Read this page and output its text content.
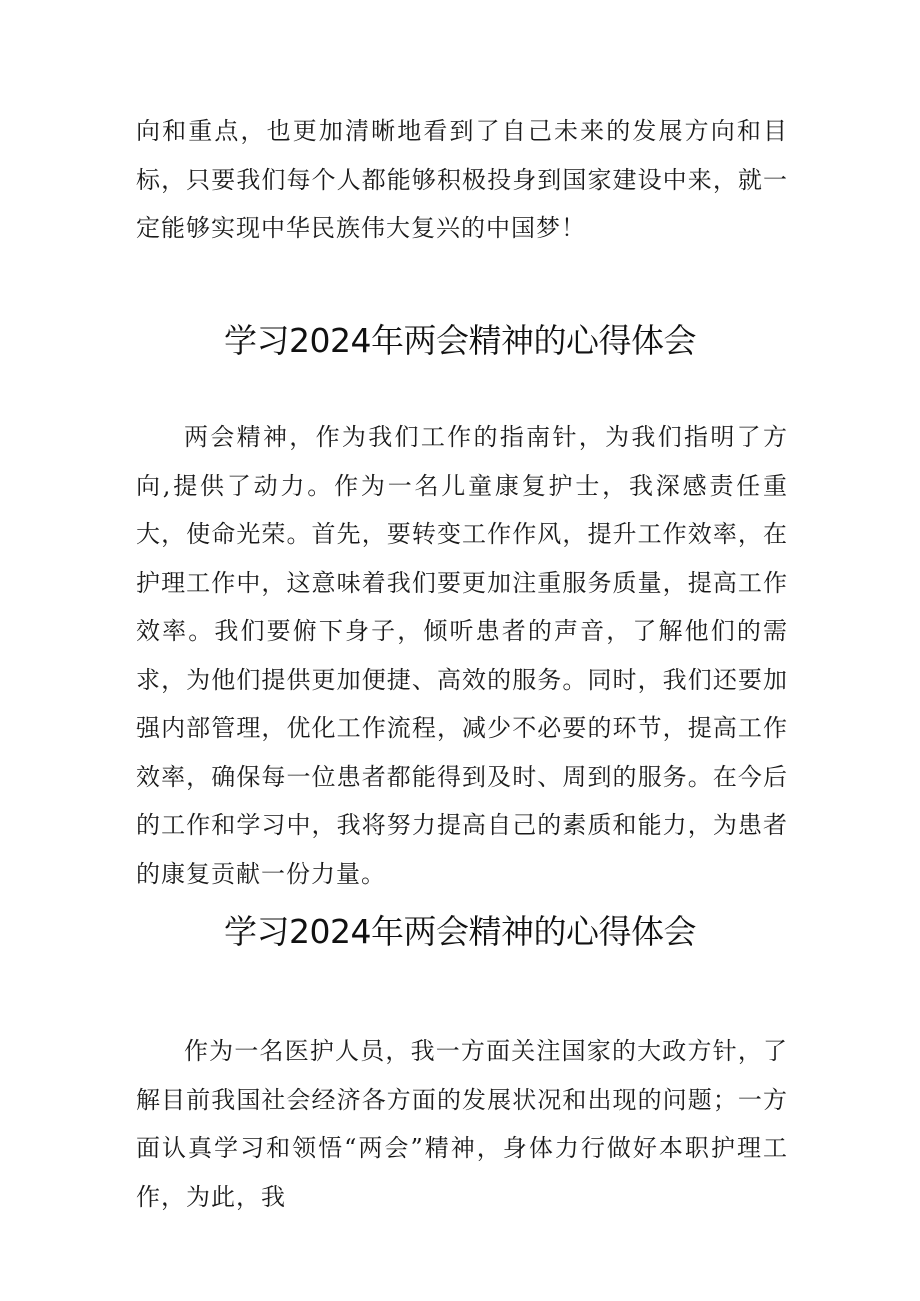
向和重点，也更加清晰地看到了自己未来的发展方向和目标，只要我们每个人都能够积极投身到国家建设中来，就一定能够实现中华民族伟大复兴的中国梦！

学习2024年两会精神的心得体会

两会精神，作为我们工作的指南针，为我们指明了方向,提供了动力。作为一名儿童康复护士，我深感责任重大，使命光荣。首先，要转变工作作风，提升工作效率，在护理工作中，这意味着我们要更加注重服务质量，提高工作效率。我们要俯下身子，倾听患者的声音，了解他们的需求，为他们提供更加便捷、高效的服务。同时，我们还要加强内部管理，优化工作流程，减少不必要的环节，提高工作效率，确保每一位患者都能得到及时、周到的服务。在今后的工作和学习中，我将努力提高自己的素质和能力，为患者的康复贡献一份力量。

学习2024年两会精神的心得体会

作为一名医护人员，我一方面关注国家的大政方针，了解目前我国社会经济各方面的发展状况和出现的问题；一方面认真学习和领悟“两会”精神，身体力行做好本职护理工作，为此，我
